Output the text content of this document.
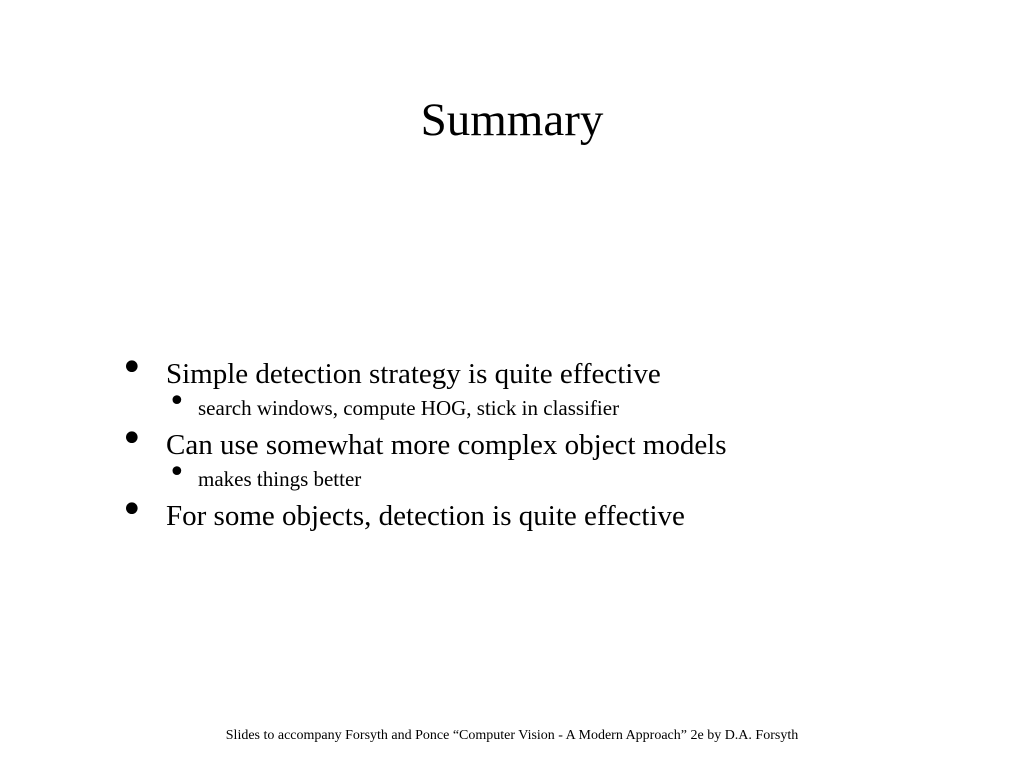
Summary
• Simple detection strategy is quite effective
• search windows, compute HOG, stick in classifier
• Can use somewhat more complex object models
• makes things better
• For some objects, detection is quite effective
Slides to accompany Forsyth and Ponce “Computer Vision - A Modern Approach” 2e by D.A. Forsyth
